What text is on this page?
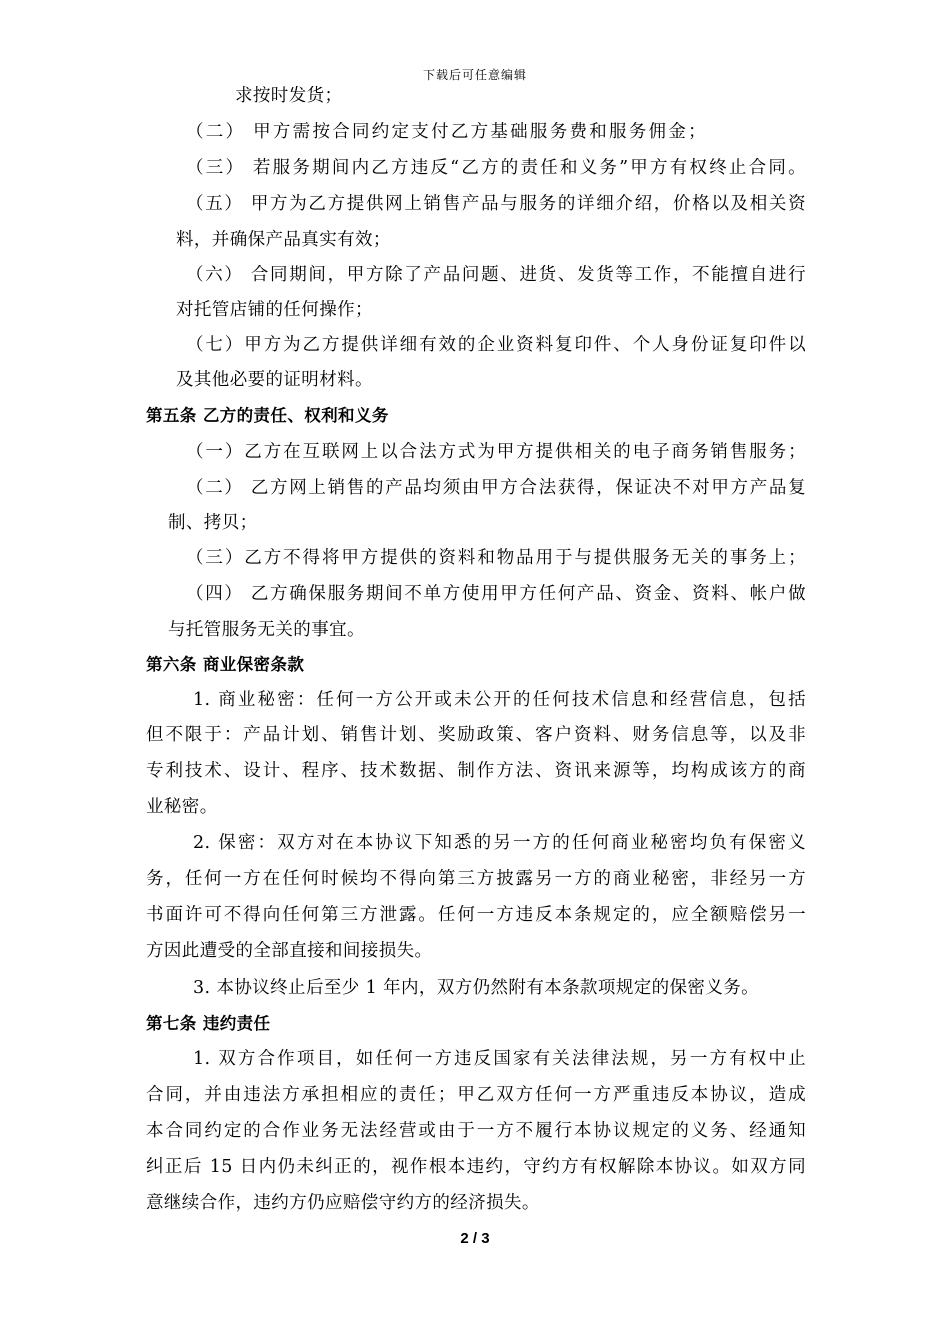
下载后可任意编辑
求按时发货；
（二） 甲方需按合同约定支付乙方基础服务费和服务佣金；
（三） 若服务期间内乙方违反“乙方的责任和义务”甲方有权终止合同。
（五） 甲方为乙方提供网上销售产品与服务的详细介绍，价格以及相关资
料，并确保产品真实有效；
（六） 合同期间，甲方除了产品问题、进货、发货等工作，不能擅自进行
对托管店铺的任何操作；
（七）甲方为乙方提供详细有效的企业资料复印件、个人身份证复印件以
及其他必要的证明材料。
第五条 乙方的责任、权利和义务
（一）乙方在互联网上以合法方式为甲方提供相关的电子商务销售服务；
（二） 乙方网上销售的产品均须由甲方合法获得，保证决不对甲方产品复
制、拷贝；
（三）乙方不得将甲方提供的资料和物品用于与提供服务无关的事务上；
（四） 乙方确保服务期间不单方使用甲方任何产品、资金、资料、帐户做
与托管服务无关的事宜。
第六条 商业保密条款
1. 商业秘密：任何一方公开或未公开的任何技术信息和经营信息，包括
但不限于：产品计划、销售计划、奖励政策、客户资料、财务信息等，以及非
专利技术、设计、程序、技术数据、制作方法、资讯来源等，均构成该方的商
业秘密。
2. 保密：双方对在本协议下知悉的另一方的任何商业秘密均负有保密义
务，任何一方在任何时候均不得向第三方披露另一方的商业秘密，非经另一方
书面许可不得向任何第三方泄露。任何一方违反本条规定的，应全额赔偿另一
方因此遭受的全部直接和间接损失。
3. 本协议终止后至少 1 年内，双方仍然附有本条款项规定的保密义务。
第七条 违约责任
1. 双方合作项目，如任何一方违反国家有关法律法规，另一方有权中止
合同，并由违法方承担相应的责任；甲乙双方任何一方严重违反本协议，造成
本合同约定的合作业务无法经营或由于一方不履行本协议规定的义务、经通知
纠正后 15 日内仍未纠正的，视作根本违约，守约方有权解除本协议。如双方同
意继续合作，违约方仍应赔偿守约方的经济损失。
2 / 3
